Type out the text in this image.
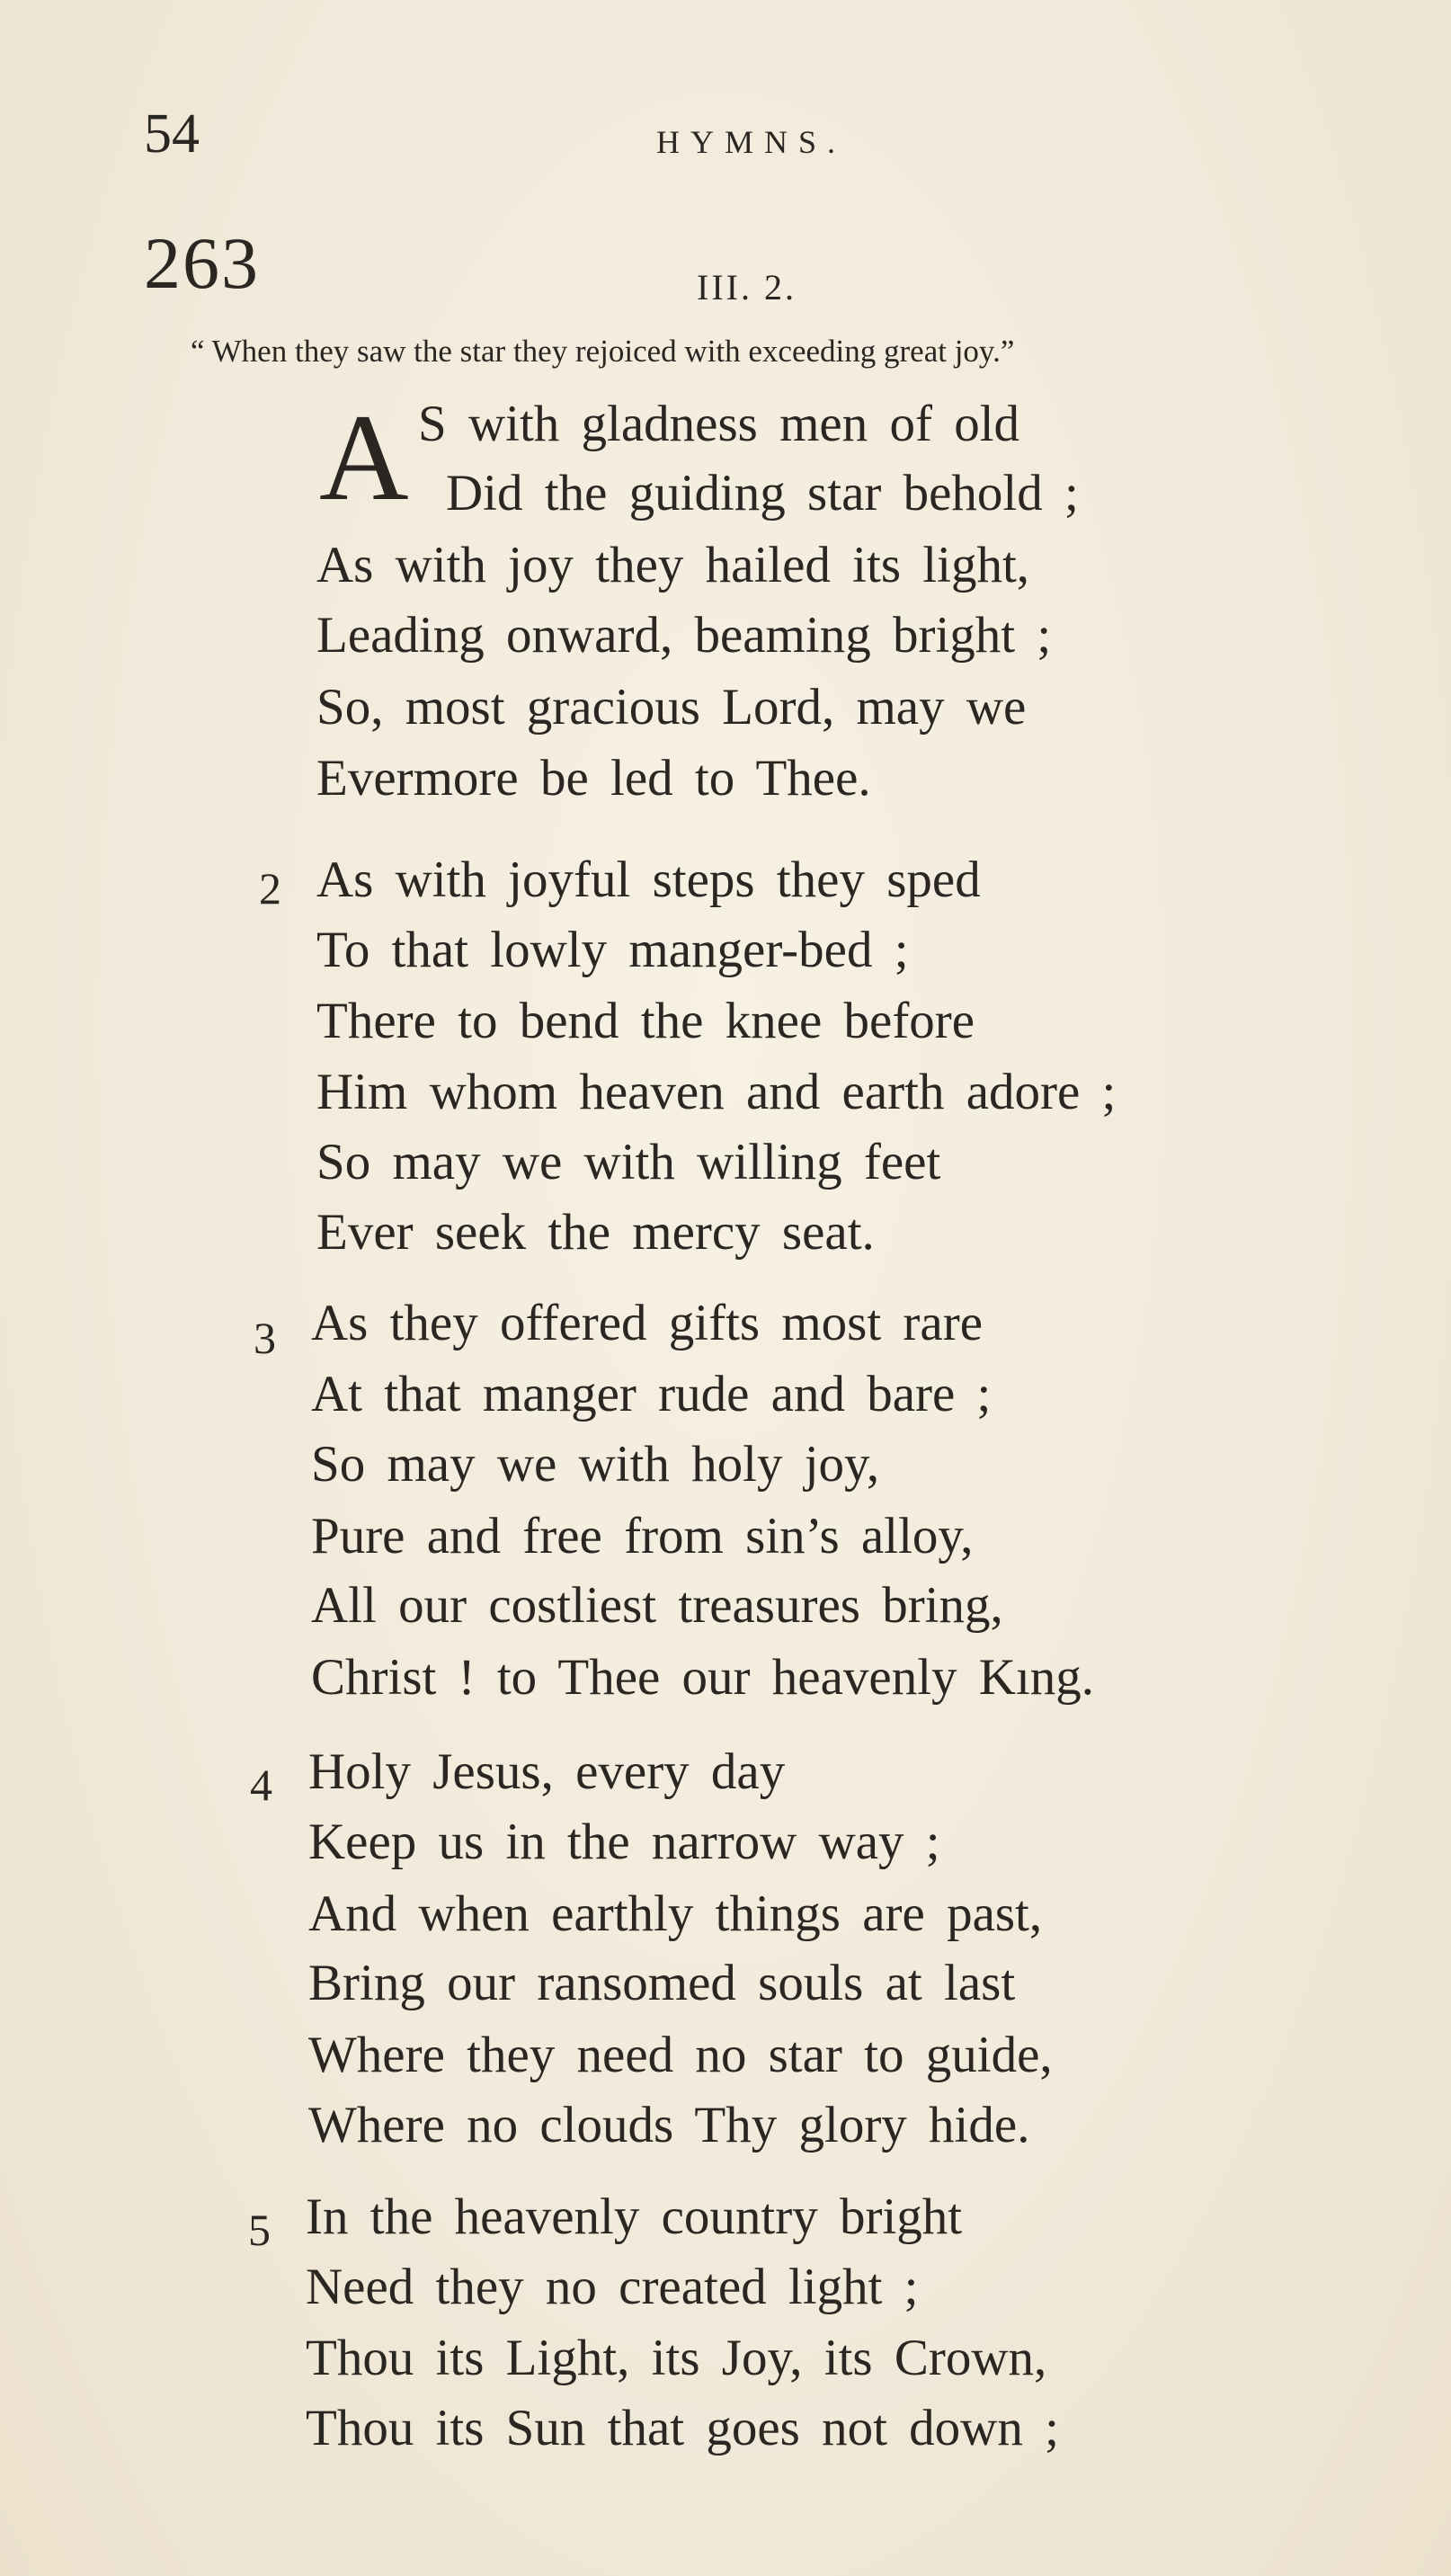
54	HYMNS.
263	III. 2.
“ When they saw the star they rejoiced with exceeding great joy.”
A S with gladness men of old
Did the guiding star behold ;
As with joy they hailed its light,
Leading onward, beaming bright ;
So, most gracious Lord, may we
Evermore be led to Thee.
2 As with joyful steps they sped
To that lowly manger-bed ;
There to bend the knee before
Him whom heaven and earth adore ;
So may we with willing feet
Ever seek the mercy seat.
3 As they offered gifts most rare
At that manger rude and bare ;
So may we with holy joy,
Pure and free from sin’s alloy,
All our costliest treasures bring,
Christ ! to Thee our heavenly Kıng.
4 Holy Jesus, every day
Keep us in the narrow way ;
And when earthly things are past,
Bring our ransomed souls at last
Where they need no star to guide,
Where no clouds Thy glory hide.
5 In the heavenly country bright
Need they no created light ;
Thou its Light, its Joy, its Crown,
Thou its Sun that goes not down ;
